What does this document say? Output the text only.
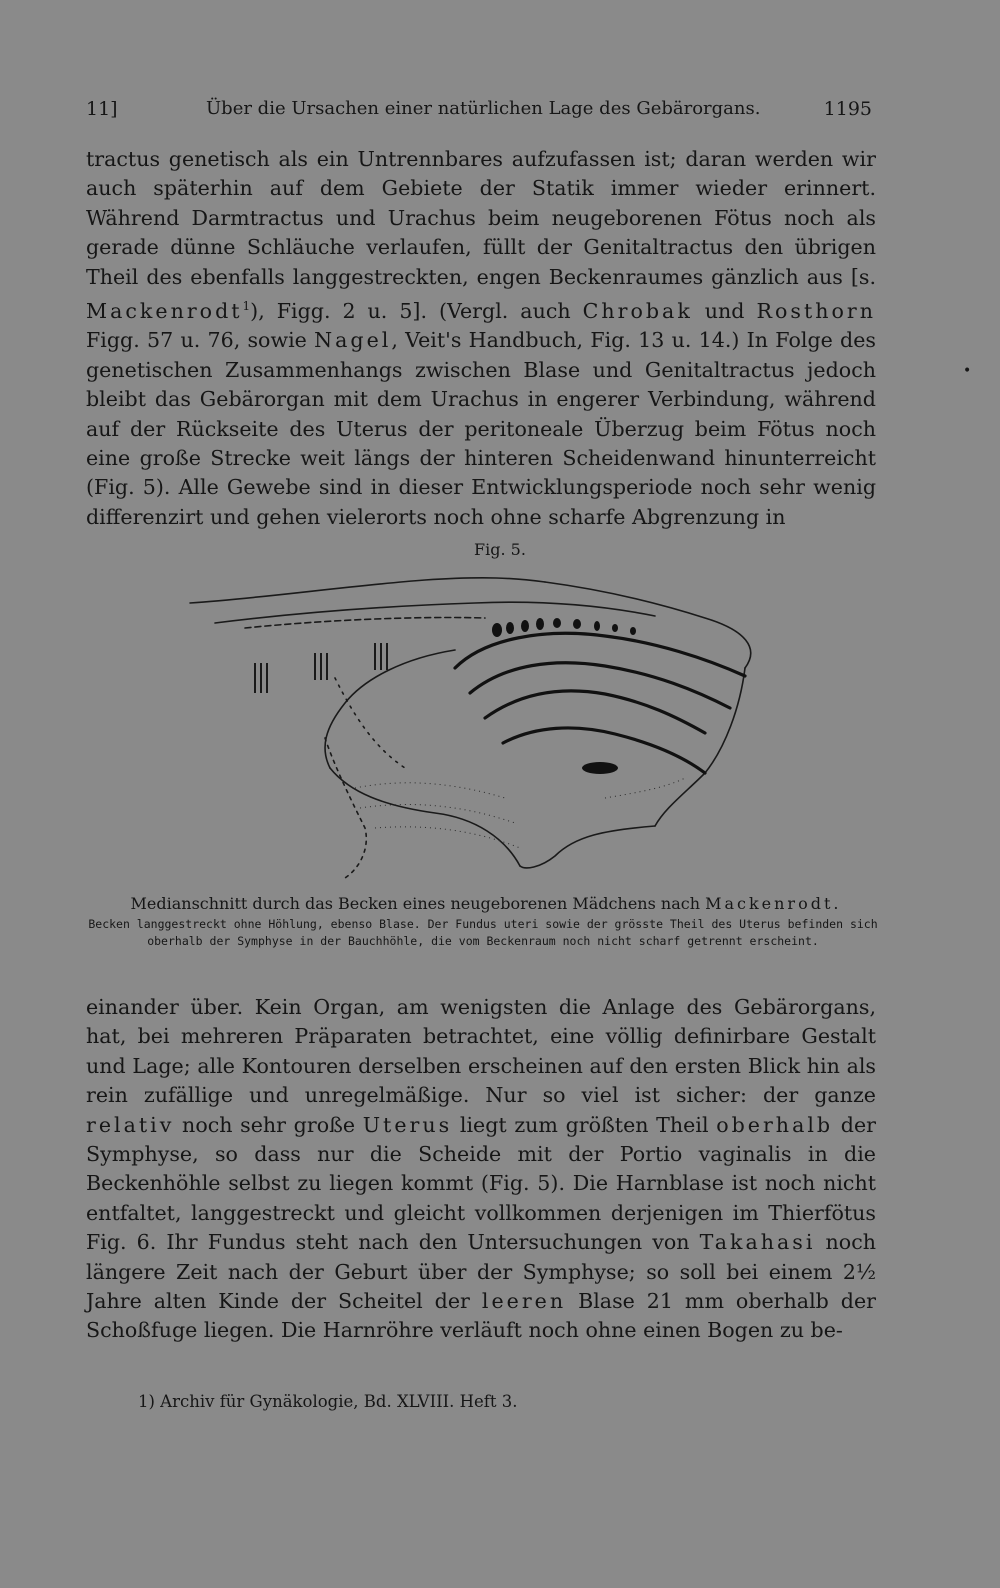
11]	Über die Ursachen einer natürlichen Lage des Gebärorgans.	1195

tractus genetisch als ein Untrennbares aufzufassen ist; daran werden wir auch späterhin auf dem Gebiete der Statik immer wieder erinnert. Während Darmtractus und Urachus beim neugeborenen Fötus noch als gerade dünne Schläuche verlaufen, füllt der Genitaltractus den übrigen Theil des ebenfalls langgestreckten, engen Beckenraumes gänzlich aus [s. Mackenrodt$^1$), Figg. 2 u. 5]. (Vergl. auch Chrobak und Rosthorn Figg. 57 u. 76, sowie Nagel, Veit's Handbuch, Fig. 13 u. 14.) In Folge des genetischen Zusammenhangs zwischen Blase und Genitaltractus jedoch bleibt das Gebärorgan mit dem Urachus in engerer Verbindung, während auf der Rückseite des Uterus der peritoneale Überzug beim Fötus noch eine große Strecke weit längs der hinteren Scheidenwand hinunterreicht (Fig. 5). Alle Gewebe sind in dieser Entwicklungsperiode noch sehr wenig differenzirt und gehen vielerorts noch ohne scharfe Abgrenzung in

•
Fig. 5.
Medianschnitt durch das Becken eines neugeborenen Mädchens nach Mackenrodt.
Becken langgestreckt ohne Höhlung, ebenso Blase. Der Fundus uteri sowie der grösste Theil des Uterus befinden sich oberhalb der Symphyse in der Bauchhöhle, die vom Beckenraum noch nicht scharf getrennt erscheint.

einander über. Kein Organ, am wenigsten die Anlage des Gebärorgans, hat, bei mehreren Präparaten betrachtet, eine völlig definirbare Gestalt und Lage; alle Kontouren derselben erscheinen auf den ersten Blick hin als rein zufällige und unregelmäßige. Nur so viel ist sicher: der ganze relativ noch sehr große Uterus liegt zum größten Theil oberhalb der Symphyse, so dass nur die Scheide mit der Portio vaginalis in die Beckenhöhle selbst zu liegen kommt (Fig. 5). Die Harnblase ist noch nicht entfaltet, langgestreckt und gleicht vollkommen derjenigen im Thierfötus Fig. 6. Ihr Fundus steht nach den Untersuchungen von Takahasi noch längere Zeit nach der Geburt über der Symphyse; so soll bei einem 2½ Jahre alten Kinde der Scheitel der leeren Blase 21 mm oberhalb der Schoßfuge liegen. Die Harnröhre verläuft noch ohne einen Bogen zu be-

1) Archiv für Gynäkologie, Bd. XLVIII. Heft 3.
